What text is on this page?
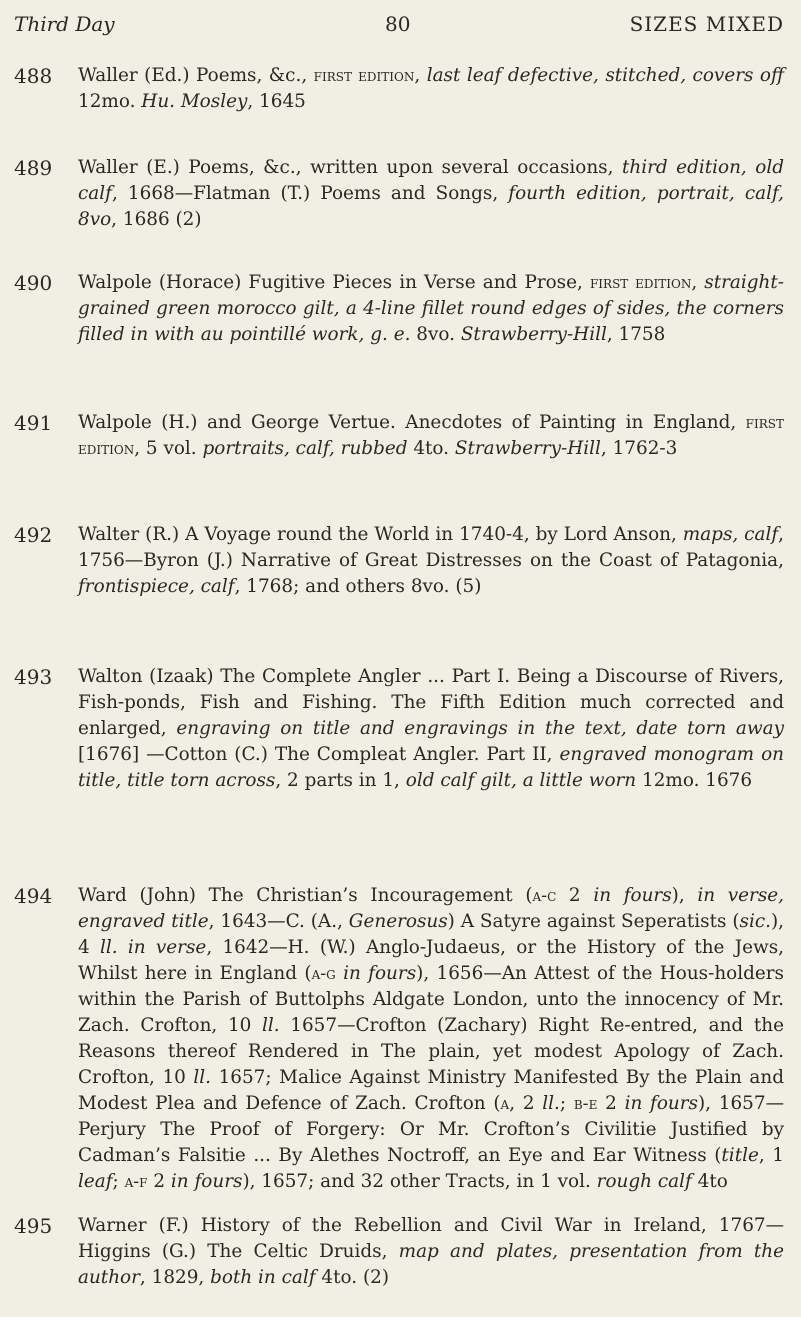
Third Day	80	SIZES MIXED
488 Waller (Ed.) Poems, &c., first edition, last leaf defective, stitched, covers off 12mo. Hu. Mosley, 1645

489 Waller (E.) Poems, &c., written upon several occasions, third edition, old calf, 1668—Flatman (T.) Poems and Songs, fourth edition, portrait, calf, 8vo, 1686 (2)

490 Walpole (Horace) Fugitive Pieces in Verse and Prose, first edition, straight-grained green morocco gilt, a 4-line fillet round edges of sides, the corners filled in with au pointillé work, g. e. 8vo. Strawberry-Hill, 1758

491 Walpole (H.) and George Vertue. Anecdotes of Painting in England, first edition, 5 vol. portraits, calf, rubbed 4to. Strawberry-Hill, 1762-3

492 Walter (R.) A Voyage round the World in 1740-4, by Lord Anson, maps, calf, 1756—Byron (J.) Narrative of Great Distresses on the Coast of Patagonia, frontispiece, calf, 1768; and others 8vo. (5)

493 Walton (Izaak) The Complete Angler ... Part I. Being a Discourse of Rivers, Fish-ponds, Fish and Fishing. The Fifth Edition much corrected and enlarged, engraving on title and engravings in the text, date torn away [1676] —Cotton (C.) The Compleat Angler. Part II, engraved monogram on title, title torn across, 2 parts in 1, old calf gilt, a little worn 12mo. 1676

494 Ward (John) The Christian’s Incouragement (a-c 2 in fours), in verse, engraved title, 1643—C. (A., Generosus) A Satyre against Seperatists (sic.), 4 ll. in verse, 1642—H. (W.) Anglo-Judaeus, or the History of the Jews, Whilst here in England (a-g in fours), 1656—An Attest of the Hous-holders within the Parish of Buttolphs Aldgate London, unto the innocency of Mr. Zach. Crofton, 10 ll. 1657—Crofton (Zachary) Right Re-entred, and the Reasons thereof Rendered in The plain, yet modest Apology of Zach. Crofton, 10 ll. 1657; Malice Against Ministry Manifested By the Plain and Modest Plea and Defence of Zach. Crofton (a, 2 ll.; b-e 2 in fours), 1657—Perjury The Proof of Forgery: Or Mr. Crofton’s Civilitie Justified by Cadman’s Falsitie ... By Alethes Noctroff, an Eye and Ear Witness (title, 1 leaf; a-f 2 in fours), 1657; and 32 other Tracts, in 1 vol. rough calf 4to

495 Warner (F.) History of the Rebellion and Civil War in Ireland, 1767—Higgins (G.) The Celtic Druids, map and plates, presentation from the author, 1829, both in calf 4to. (2)
